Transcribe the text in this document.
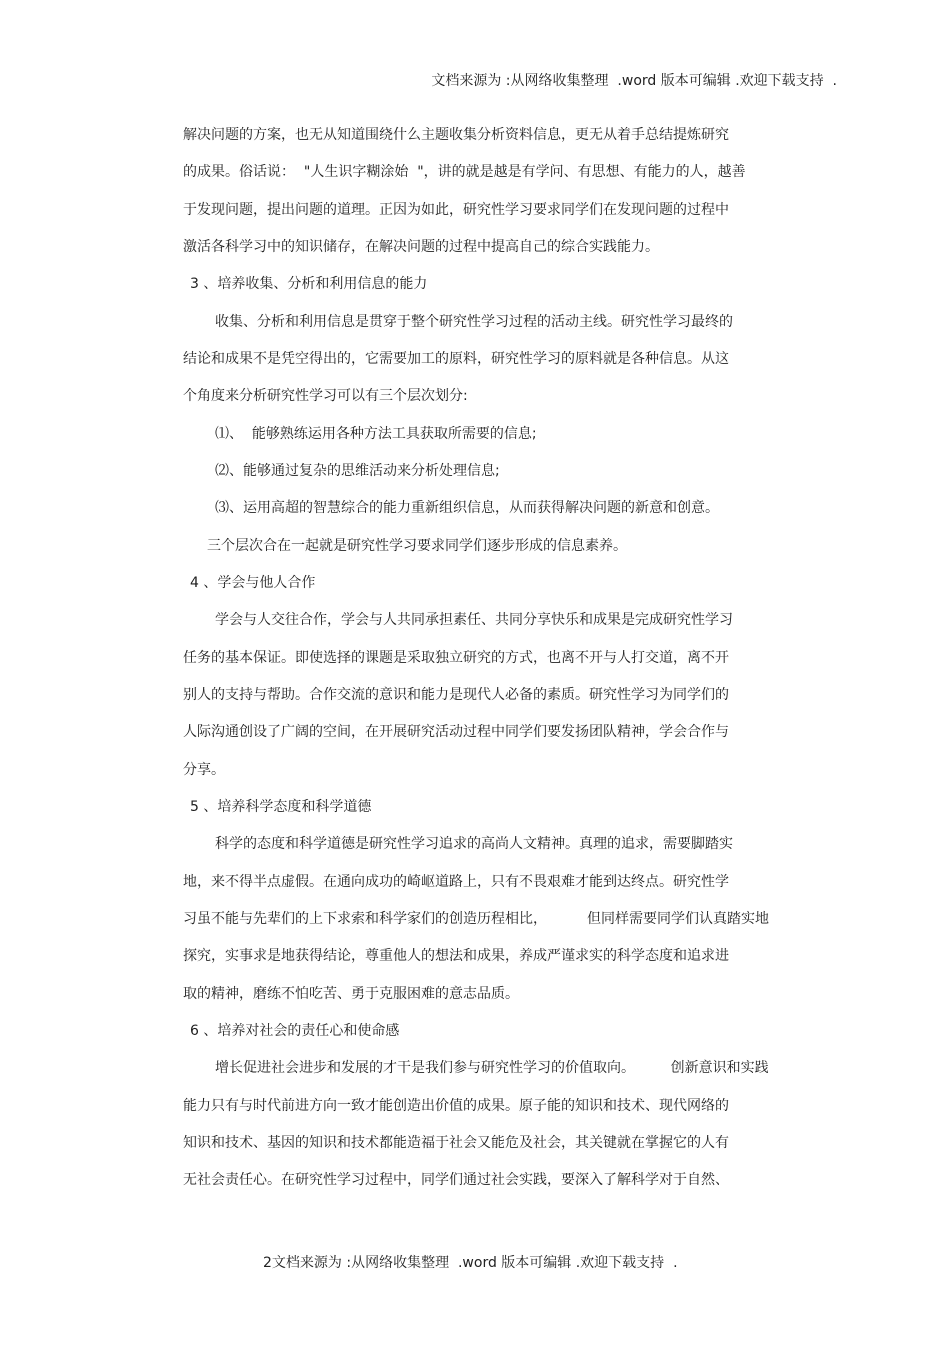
文档来源为 :从网络收集整理  .word 版本可编辑 .欢迎下载支持  .
解决问题的方案，也无从知道围绕什么主题收集分析资料信息，更无从着手总结提炼研究
的成果。俗话说：  "人生识字糊涂始  "，讲的就是越是有学问、有思想、有能力的人，越善
于发现问题，提出问题的道理。正因为如此，研究性学习要求同学们在发现问题的过程中
激活各科学习中的知识储存，在解决问题的过程中提高自己的综合实践能力。
3 、培养收集、分析和利用信息的能力
收集、分析和利用信息是贯穿于整个研究性学习过程的活动主线。研究性学习最终的
结论和成果不是凭空得出的，它需要加工的原料，研究性学习的原料就是各种信息。从这
个角度来分析研究性学习可以有三个层次划分:
⑴、  能够熟练运用各种方法工具获取所需要的信息;
⑵、能够通过复杂的思维活动来分析处理信息;
⑶、运用高超的智慧综合的能力重新组织信息，从而获得解决问题的新意和创意。
三个层次合在一起就是研究性学习要求同学们逐步形成的信息素养。
4 、学会与他人合作
学会与人交往合作，学会与人共同承担素任、共同分享快乐和成果是完成研究性学习
任务的基本保证。即使选择的课题是采取独立研究的方式，也离不开与人打交道，离不开
别人的支持与帮助。合作交流的意识和能力是现代人必备的素质。研究性学习为同学们的
人际沟通创设了广阔的空间，在开展研究活动过程中同学们要发扬团队精神，学会合作与
分享。
5 、培养科学态度和科学道德
科学的态度和科学道德是研究性学习追求的高尚人文精神。真理的追求，需要脚踏实
地，来不得半点虚假。在通向成功的崎岖道路上，只有不畏艰难才能到达终点。研究性学
习虽不能与先辈们的上下求索和科学家们的创造历程相比，         但同样需要同学们认真踏实地
探究，实事求是地获得结论，尊重他人的想法和成果，养成严谨求实的科学态度和追求进
取的精神，磨练不怕吃苦、勇于克服困难的意志品质。
6 、培养对社会的责任心和使命感
增长促进社会进步和发展的才干是我们参与研究性学习的价值取向。        创新意识和实践
能力只有与时代前进方向一致才能创造出价值的成果。原子能的知识和技术、现代网络的
知识和技术、基因的知识和技术都能造福于社会又能危及社会，其关键就在掌握它的人有
无社会责任心。在研究性学习过程中，同学们通过社会实践，要深入了解科学对于自然、
2文档来源为 :从网络收集整理  .word 版本可编辑 .欢迎下载支持  .
